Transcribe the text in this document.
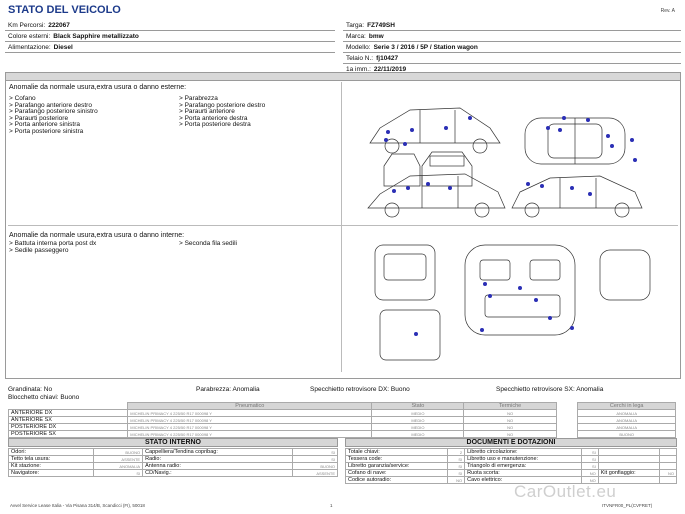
STATO DEL VEICOLO	Rev. A
Km Percorsi: 222067
Colore esterni: Black Sapphire metallizzato
Alimentazione: Diesel
Targa: FZ749SH
Marca: bmw
Modello: Serie 3 / 2016 / 5P / Station wagon
Telaio N.: fj10427
1a imm.: 22/11/2019
Anomalie da normale usura,extra usura o danno esterne:
> Cofano
> Parafango anteriore destro
> Parafango posteriore sinistro
> Paraurti posteriore
> Porta anteriore sinistra
> Porta posteriore sinistra
> Parabrezza
> Parafango posteriore destro
> Paraurti anteriore
> Porta anteriore destra
> Porta posteriore destra
Anomalie da normale usura,extra usura o danno interne:
> Battuta interna porta post dx
> Sedile passeggero
> Seconda fila sedili
Grandinata: No	Parabrezza: Anomalia	Specchietto retrovisore DX: Buono	Specchietto retrovisore SX: Anomalia
Blocchetto chiavi: Buono
	Pneumatico	Stato	Termiche		Cerchi in lega
ANTERIORE DX	MICHELIN PRIMACY 4 225/50 R17 000098 Y	MEDIO	NO		ANOMALIA
ANTERIORE SX	MICHELIN PRIMACY 4 225/50 R17 000098 Y	MEDIO	NO		ANOMALIA
POSTERIORE DX	MICHELIN PRIMACY 4 225/50 R17 000098 Y	MEDIO	NO		ANOMALIA
POSTERIORE SX	MICHELIN PRIMACY 4 225/50 R17 000098 Y	MEDIO	NO		BUONO
STATO INTERNO
Odori:	BUONO	Cappelliera/Tendina copribag:	SI
Tetto tela usura:	ASSENTE	Radio:	SI
Kit stazione:	ANOMALIA	Antenna radio:	BUONO
Navigatore:	SI	CD/Navig.:	ASSENTE
DOCUMENTI E DOTAZIONI
Totale chiavi:	2	Libretto circolazione:	SI		
Tessera code:	SI	Libretto uso e manutenzione:	SI		
Libretto garanzia/service:	SI	Triangolo di emergenza:	SI		
Cofano di nave:	SI	Ruota scorta:	NO	Kit gonfiaggio:	NO
Codice autoradio:	NO	Cavo elettrico:	NO		
Avvel Service Lease Italia - Via Pisana 314/B, Scandicci (FI), 50018	1	ITVNFR00_PL(CVFRET)
CarOutlet.eu
